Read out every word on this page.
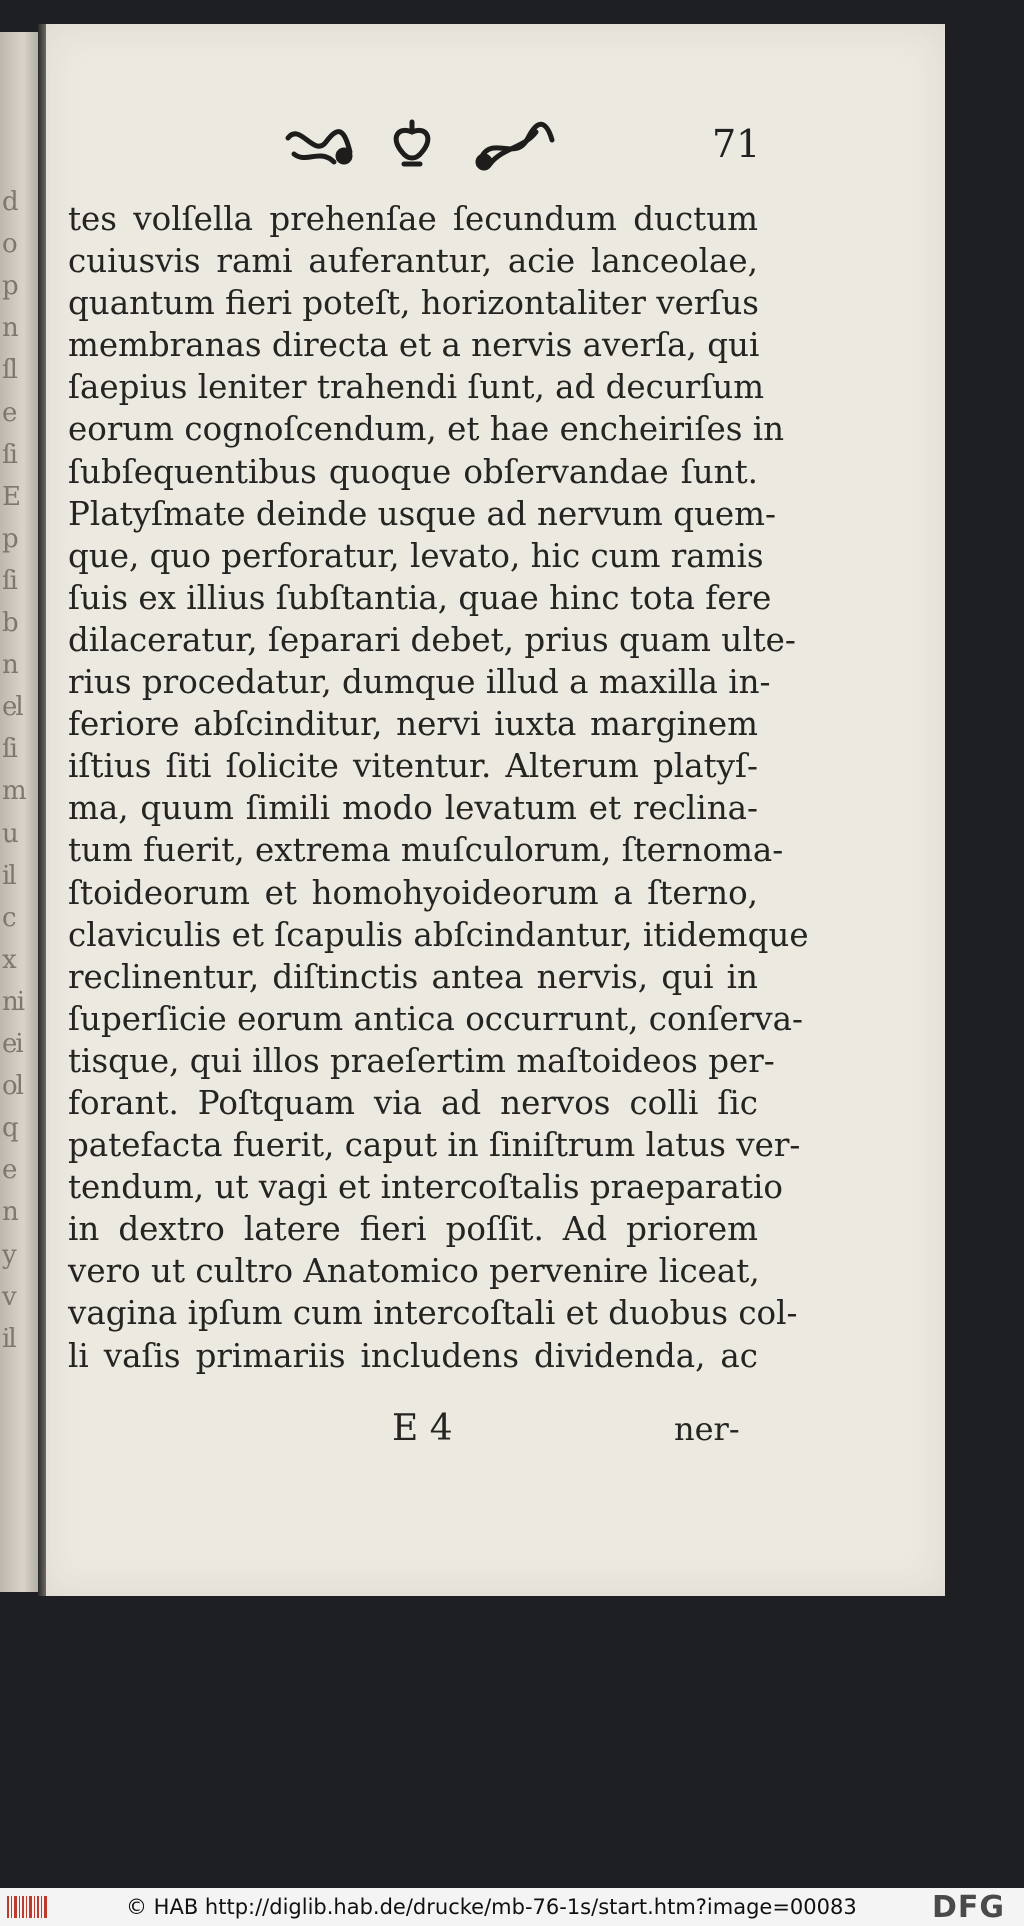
d
o
p
n
ſl
e
ſi
E
p
ſi
b
n
el
ſi
m
u
il
c
x
ni
ei
ol
q
e
n
y
v
il
71
tes volſella prehenſae ſecundum ductum
cuiusvis rami auferantur, acie lanceolae,
quantum fieri poteſt, horizontaliter verſus
membranas directa et a nervis averſa, qui
ſaepius leniter trahendi ſunt, ad decurſum
eorum cognoſcendum, et hae encheiriſes in
ſubſequentibus quoque obſervandae ſunt.
Platyſmate deinde usque ad nervum quem-
que, quo perforatur, levato, hic cum ramis
ſuis ex illius ſubſtantia, quae hinc tota fere
dilaceratur, ſeparari debet, prius quam ulte-
rius procedatur, dumque illud a maxilla in-
feriore abſcinditur, nervi iuxta marginem
iſtius ſiti ſolicite vitentur. Alterum platyſ-
ma, quum ſimili modo levatum et reclina-
tum fuerit, extrema muſculorum, ſternoma-
ſtoideorum et homohyoideorum a ſterno,
claviculis et ſcapulis abſcindantur, itidemque
reclinentur, diſtinctis antea nervis, qui in
ſuperſicie eorum antica occurrunt, conſerva-
tisque, qui illos praeſertim maſtoideos per-
forant. Poſtquam via ad nervos colli ſic
patefacta fuerit, caput in ſiniſtrum latus ver-
tendum, ut vagi et intercoſtalis praeparatio
in dextro latere fieri poſſit. Ad priorem
vero ut cultro Anatomico pervenire liceat,
vagina ipſum cum intercoſtali et duobus col-
li vaſis primariis includens dividenda, ac
E 4	ner-
© HAB http://diglib.hab.de/drucke/mb-76-1s/start.htm?image=00083	DFG
